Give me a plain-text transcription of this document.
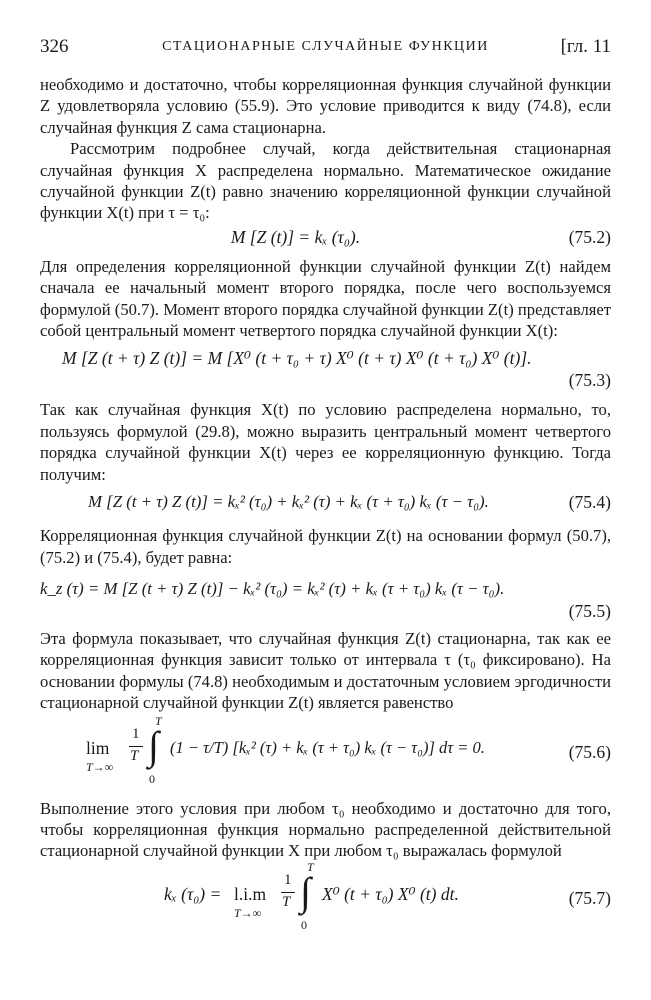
326	СТАЦИОНАРНЫЕ СЛУЧАЙНЫЕ ФУНКЦИИ	[гл. 11

необходимо и достаточно, чтобы корреляционная функция случайной функции Z удовлетворяла условию (55.9). Это условие приводится к виду (74.8), если случайная функция Z сама стационарна.

Рассмотрим подробнее случай, когда действительная стационарная случайная функция X распределена нормально. Математическое ожидание случайной функции Z(t) равно значению корреляционной функции случайной функции X(t) при τ = τ₀:

M [Z (t)] = kₓ (τ₀).	(75.2)

Для определения корреляционной функции случайной функции Z(t) найдем сначала ее начальный момент второго порядка, после чего воспользуемся формулой (50.7). Момент второго порядка случайной функции Z(t) представляет собой центральный момент четвертого порядка случайной функции X(t):

M [Z (t + τ) Z (t)] = M [X⁰ (t + τ₀ + τ) X⁰ (t + τ) X⁰ (t + τ₀) X⁰ (t)].
(75.3)

Так как случайная функция X(t) по условию распределена нормально, то, пользуясь формулой (29.8), можно выразить центральный момент четвертого порядка случайной функции X(t) через ее корреляционную функцию. Тогда получим:

M [Z (t + τ) Z (t)] = kₓ² (τ₀) + kₓ² (τ) + kₓ (τ + τ₀) kₓ (τ − τ₀).	(75.4)

Корреляционная функция случайной функции Z(t) на основании формул (50.7), (75.2) и (75.4), будет равна:

k_z (τ) = M [Z (t + τ) Z (t)] − kₓ² (τ₀) = kₓ² (τ) + kₓ (τ + τ₀) kₓ (τ − τ₀).
(75.5)

Эта формула показывает, что случайная функция Z(t) стационарна, так как ее корреляционная функция зависит только от интервала τ (τ₀ фиксировано). На основании формулы (74.8) необходимым и достаточным условием эргодичности стационарной случайной функции Z(t) является равенство

lim
T→∞
1
T
T
∫
0
(1 − τ/T) [kₓ² (τ) + kₓ (τ + τ₀) kₓ (τ − τ₀)] dτ = 0.	(75.6)

Выполнение этого условия при любом τ₀ необходимо и достаточно для того, чтобы корреляционная функция нормально распределенной действительной стационарной случайной функции X при любом τ₀ выражалась формулой

kₓ (τ₀) = l.i.m
T→∞
1
T
T
∫
0
X⁰ (t + τ₀) X⁰ (t) dt.	(75.7)
